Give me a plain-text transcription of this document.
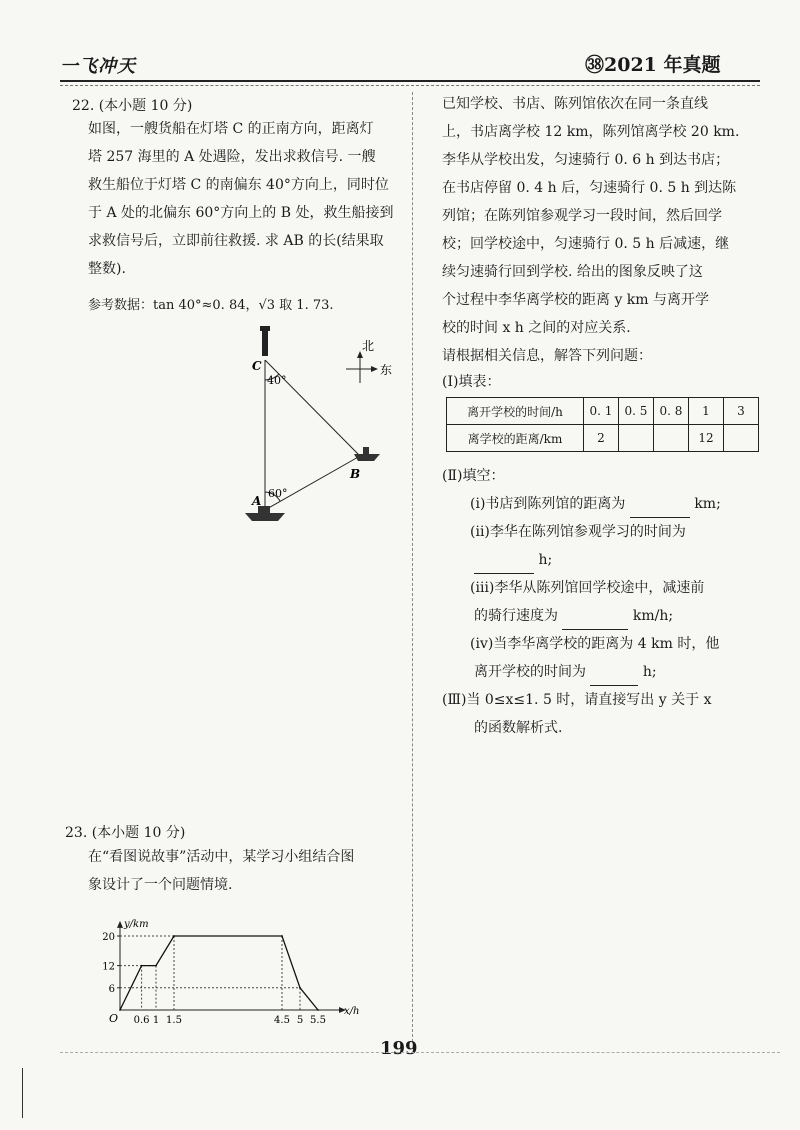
一飞冲天	㊳2021 年真题
22. (本小题 10 分)
如图，一艘货船在灯塔 C 的正南方向，距离灯
塔 257 海里的 A 处遇险，发出求救信号. 一艘
救生船位于灯塔 C 的南偏东 40°方向上，同时位
于 A 处的北偏东 60°方向上的 B 处，救生船接到
求救信号后，立即前往救援. 求 AB 的长(结果取
整数).
参考数据：tan 40°≈0. 84，√3 取 1. 73.
C
40°
A
60°
B
北
东
23. (本小题 10 分)
在“看图说故事”活动中，某学习小组结合图
象设计了一个问题情境.
x/h
y/km
O
6
12
20
0.6 1 1.5	4.5 5 5.5
已知学校、书店、陈列馆依次在同一条直线
上，书店离学校 12 km，陈列馆离学校 20 km.
李华从学校出发，匀速骑行 0. 6 h 到达书店；
在书店停留 0. 4 h 后，匀速骑行 0. 5 h 到达陈
列馆；在陈列馆参观学习一段时间，然后回学
校；回学校途中，匀速骑行 0. 5 h 后减速，继
续匀速骑行回到学校. 给出的图象反映了这
个过程中李华离学校的距离 y km 与离开学
校的时间 x h 之间的对应关系.
请根据相关信息，解答下列问题：
(Ⅰ)填表：
离开学校的时间/h	0. 1	0. 5	0. 8	1	3
离学校的距离/km	2			12	
(Ⅱ)填空：
(ⅰ)书店到陈列馆的距离为	km;
(ⅱ)李华在陈列馆参观学习的时间为
h;
(ⅲ)李华从陈列馆回学校途中，减速前
的骑行速度为	km/h;
(ⅳ)当李华离学校的距离为 4 km 时，他
离开学校的时间为	h;
(Ⅲ)当 0≤x≤1. 5 时，请直接写出 y 关于 x
的函数解析式.
199
